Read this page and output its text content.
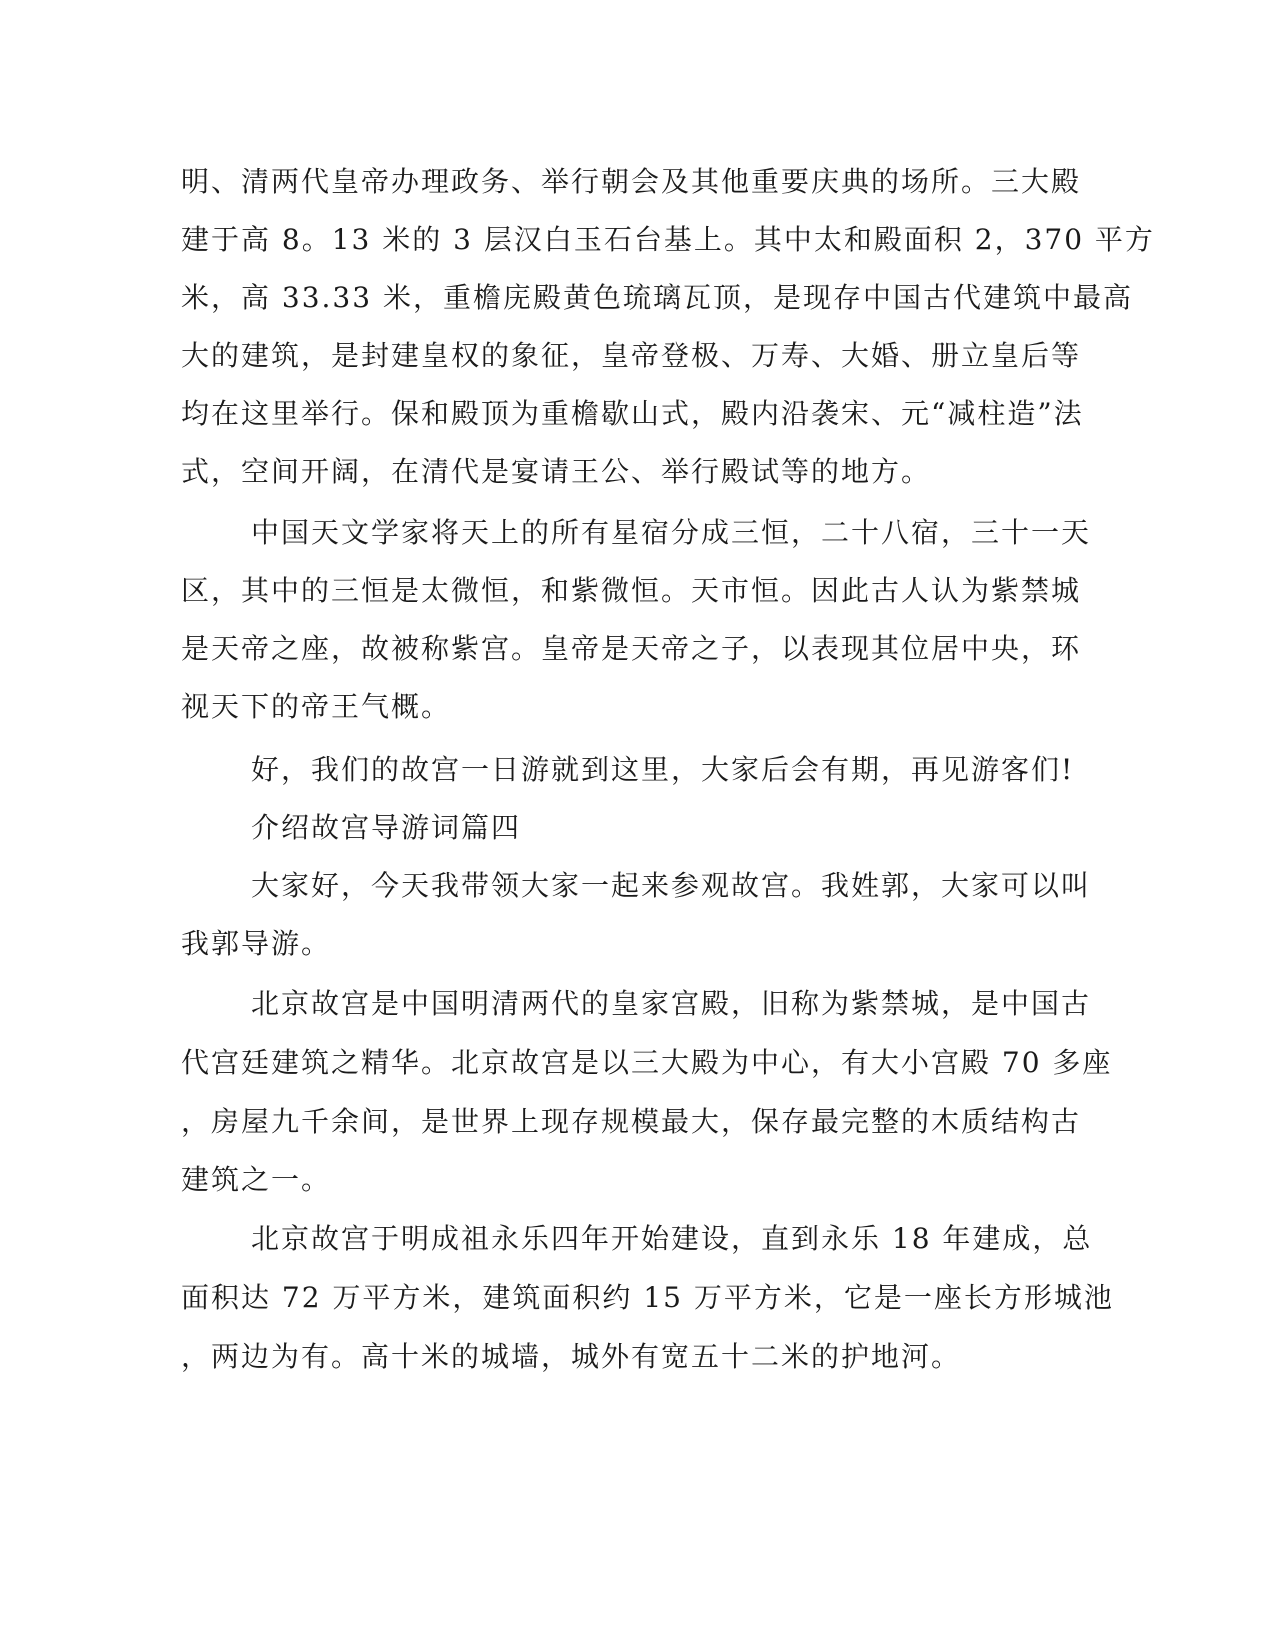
明、清两代皇帝办理政务、举行朝会及其他重要庆典的场所。三大殿
建于高 8。13 米的 3 层汉白玉石台基上。其中太和殿面积 2，370 平方
米，高 33.33 米，重檐庑殿黄色琉璃瓦顶，是现存中国古代建筑中最高
大的建筑，是封建皇权的象征，皇帝登极、万寿、大婚、册立皇后等
均在这里举行。保和殿顶为重檐歇山式，殿内沿袭宋、元“减柱造”法
式，空间开阔，在清代是宴请王公、举行殿试等的地方。
中国天文学家将天上的所有星宿分成三恒，二十八宿，三十一天
区，其中的三恒是太微恒，和紫微恒。天市恒。因此古人认为紫禁城
是天帝之座，故被称紫宫。皇帝是天帝之子，以表现其位居中央，环
视天下的帝王气概。
好，我们的故宫一日游就到这里，大家后会有期，再见游客们!
介绍故宫导游词篇四
大家好，今天我带领大家一起来参观故宫。我姓郭，大家可以叫
我郭导游。
北京故宫是中国明清两代的皇家宫殿，旧称为紫禁城，是中国古
代宫廷建筑之精华。北京故宫是以三大殿为中心，有大小宫殿 70 多座
，房屋九千余间，是世界上现存规模最大，保存最完整的木质结构古
建筑之一。
北京故宫于明成祖永乐四年开始建设，直到永乐 18 年建成，总
面积达 72 万平方米，建筑面积约 15 万平方米，它是一座长方形城池
，两边为有。高十米的城墙，城外有宽五十二米的护地河。
